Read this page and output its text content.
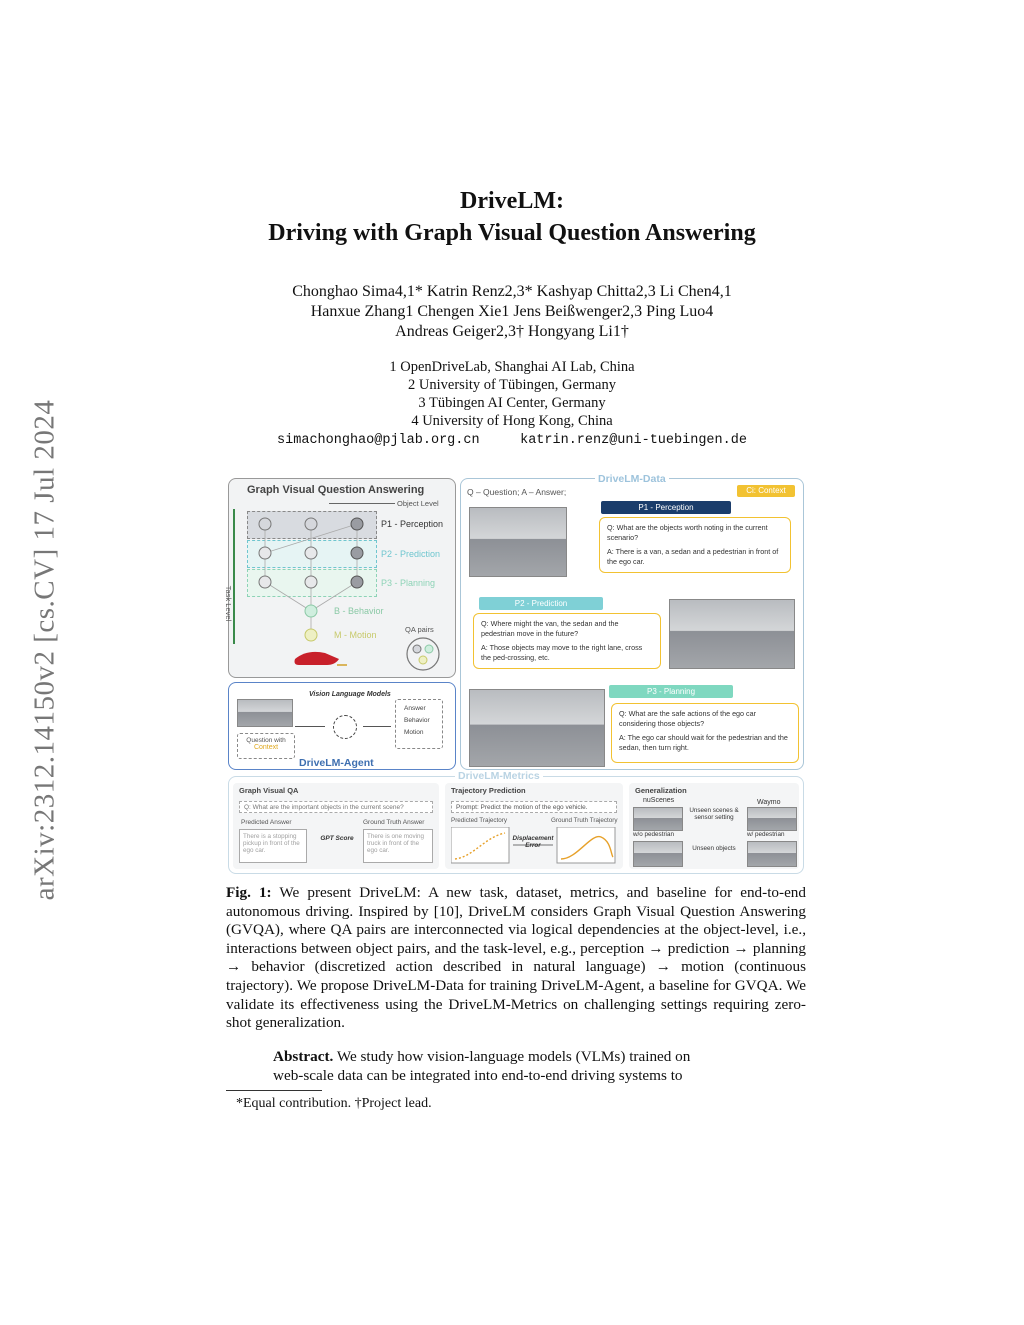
arXiv:2312.14150v2 [cs.CV] 17 Jul 2024
DriveLM:
Driving with Graph Visual Question Answering
Chonghao Sima4,1* Katrin Renz2,3* Kashyap Chitta2,3 Li Chen4,1
Hanxue Zhang1 Chengen Xie1 Jens Beißwenger2,3 Ping Luo4
Andreas Geiger2,3† Hongyang Li1†
1 OpenDriveLab, Shanghai AI Lab, China
2 University of Tübingen, Germany
3 Tübingen AI Center, Germany
4 University of Hong Kong, China
simachonghao@pjlab.org.cn     katrin.renz@uni-tuebingen.de
Graph Visual Question Answering
Object Level
Task Level
P1 - Perception
P2 - Prediction
P3 - Planning
B - Behavior
M - Motion
QA pairs
Question with
Context
Vision Language Models
Answer
Behavior
Motion
DriveLM-Agent
DriveLM-Data
Q – Question; A – Answer;	Ci: Context
P1 - Perception
Q: What are the objects worth noting in the current scenario?
A: There is a van, a sedan and a pedestrian in front of the ego car.
P2 - Prediction
Q: Where might the van, the sedan and the pedestrian move in the future?
A: Those objects may move to the right lane, cross the ped-crossing, etc.
P3 - Planning
Q: What are the safe actions of the ego car considering those objects?
A: The ego car should wait for the pedestrian and the sedan, then turn right.
DriveLM-Metrics
Graph Visual QA
Q: What are the important objects in the current scene?
Predicted Answer
There is a stopping pickup in front of the ego car.
GPT Score
Ground Truth Answer
There is one moving truck in front of the ego car.
Trajectory Prediction
Prompt: Predict the motion of the ego vehicle.
Predicted Trajectory	Ground Truth Trajectory
Displacement Error
Generalization
nuScenes	Waymo
Unseen scenes & sensor setting
w/o pedestrian	w/ pedestrian
Unseen objects
Fig. 1: We present DriveLM: A new task, dataset, metrics, and baseline for end-to-end autonomous driving. Inspired by [10], DriveLM considers Graph Visual Question Answering (GVQA), where QA pairs are interconnected via logical dependencies at the object-level, i.e., interactions between object pairs, and the task-level, e.g., perception → prediction → planning → behavior (discretized action described in natural language) → motion (continuous trajectory). We propose DriveLM-Data for training DriveLM-Agent, a baseline for GVQA. We validate its effectiveness using the DriveLM-Metrics on challenging settings requiring zero-shot generalization.
Abstract. We study how vision-language models (VLMs) trained on
web-scale data can be integrated into end-to-end driving systems to
*Equal contribution. †Project lead.
